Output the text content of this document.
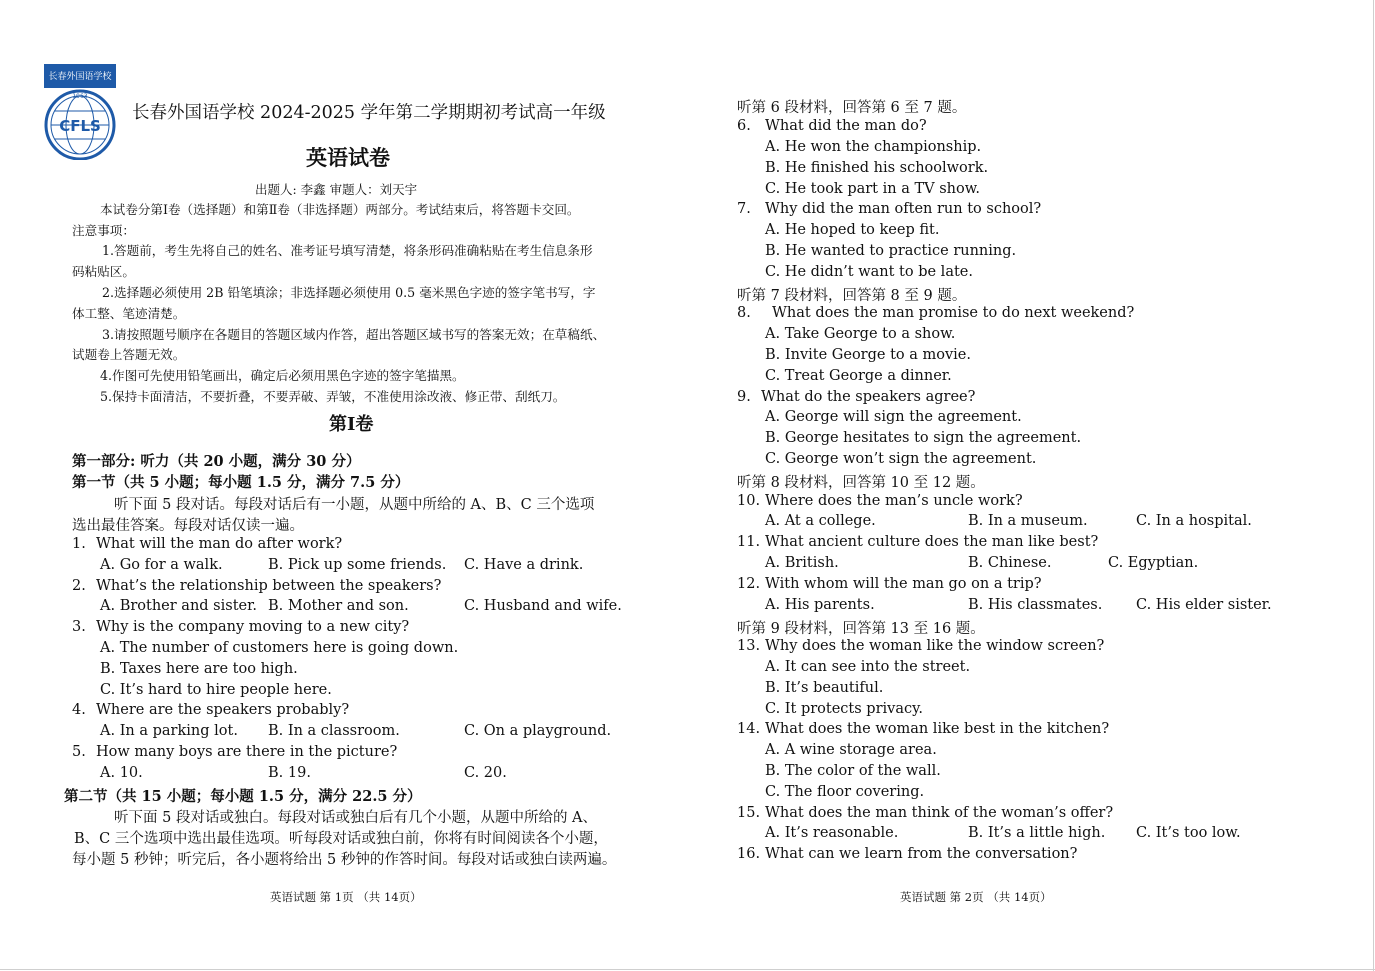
长春外国语学校
1963
CFLS
长春外国语学校 2024-2025 学年第二学期期初考试高一年级
英语试卷
出题人: 李鑫 审题人：刘天宇
本试卷分第Ⅰ卷（选择题）和第Ⅱ卷（非选择题）两部分。考试结束后，将答题卡交回。
注意事项：
1.答题前，考生先将自己的姓名、准考证号填写清楚，将条形码准确粘贴在考生信息条形
码粘贴区。
2.选择题必须使用 2B 铅笔填涂；非选择题必须使用 0.5 毫米黑色字迹的签字笔书写，字
体工整、笔迹清楚。
3.请按照题号顺序在各题目的答题区域内作答，超出答题区域书写的答案无效；在草稿纸、
试题卷上答题无效。
4.作图可先使用铅笔画出，确定后必须用黑色字迹的签字笔描黑。
5.保持卡面清洁，不要折叠，不要弄破、弄皱，不准使用涂改液、修正带、刮纸刀。
第Ⅰ卷
第一部分: 听力（共 20 小题，满分 30 分）
第一节（共 5 小题；每小题 1.5 分，满分 7.5 分）
听下面 5 段对话。每段对话后有一小题，从题中所给的 A、B、C 三个选项
选出最佳答案。每段对话仅读一遍。
1. What will the man do after work?
A. Go for a walk.	B. Pick up some friends. C. Have a drink.
2. What’s the relationship between the speakers?
A. Brother and sister. B. Mother and son.	C. Husband and wife.
3. Why is the company moving to a new city?
A. The number of customers here is going down.
B. Taxes here are too high.
C. It’s hard to hire people here.
4. Where are the speakers probably?
A. In a parking lot. B. In a classroom.	C. On a playground.
5. How many boys are there in the picture?
A. 10.	B. 19.	C. 20.
第二节（共 15 小题；每小题 1.5 分，满分 22.5 分）
听下面 5 段对话或独白。每段对话或独白后有几个小题，从题中所给的 A、
B、C 三个选项中选出最佳选项。听每段对话或独白前，你将有时间阅读各个小题，
每小题 5 秒钟；听完后，各小题将给出 5 秒钟的作答时间。每段对话或独白读两遍。
听第 6 段材料，回答第 6 至 7 题。
6. What did the man do?
A. He won the championship.
B. He finished his schoolwork.
C. He took part in a TV show.
7. Why did the man often run to school?
A. He hoped to keep fit.
B. He wanted to practice running.
C. He didn’t want to be late.
听第 7 段材料，回答第 8 至 9 题。
8. What does the man promise to do next weekend?
A. Take George to a show.
B. Invite George to a movie.
C. Treat George a dinner.
9. What do the speakers agree?
A. George will sign the agreement.
B. George hesitates to sign the agreement.
C. George won’t sign the agreement.
听第 8 段材料，回答第 10 至 12 题。
10. Where does the man’s uncle work?
A. At a college.	B. In a museum.	C. In a hospital.
11. What ancient culture does the man like best?
A. British.	B. Chinese.	C. Egyptian.
12. With whom will the man go on a trip?
A. His parents.	B. His classmates. C. His elder sister.
听第 9 段材料，回答第 13 至 16 题。
13. Why does the woman like the window screen?
A. It can see into the street.
B. It’s beautiful.
C. It protects privacy.
14. What does the woman like best in the kitchen?
A. A wine storage area.
B. The color of the wall.
C. The floor covering.
15. What does the man think of the woman’s offer?
A. It’s reasonable.	B. It’s a little high. C. It’s too low.
16. What can we learn from the conversation?
英语试题 第 1页 （共 14页）	英语试题 第 2页 （共 14页）
